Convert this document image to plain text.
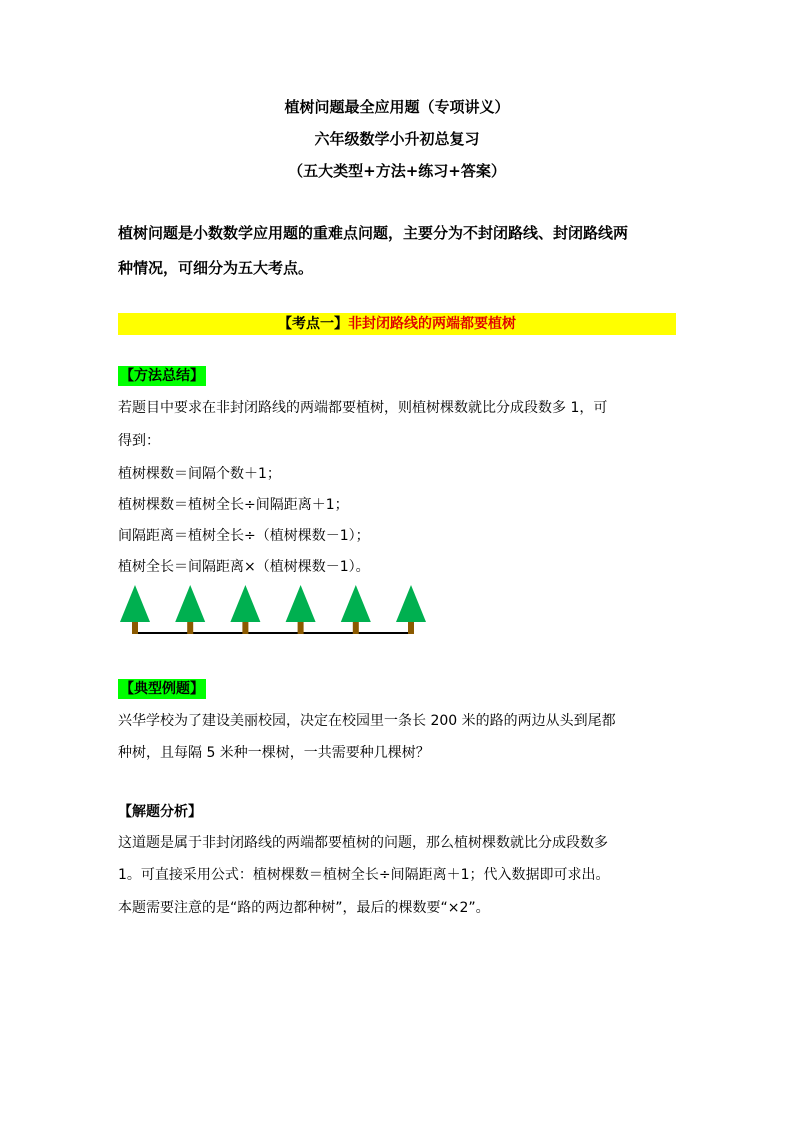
植树问题最全应用题（专项讲义）
六年级数学小升初总复习
（五大类型+方法+练习+答案）
植树问题是小数数学应用题的重难点问题，主要分为不封闭路线、封闭路线两
种情况，可细分为五大考点。
【考点一】非封闭路线的两端都要植树
【方法总结】
若题目中要求在非封闭路线的两端都要植树，则植树棵数就比分成段数多 1，可
得到：
植树棵数＝间隔个数＋1；
植树棵数＝植树全长÷间隔距离＋1；
间隔距离＝植树全长÷（植树棵数－1）；
植树全长＝间隔距离×（植树棵数－1）。
【典型例题】
兴华学校为了建设美丽校园，决定在校园里一条长 200 米的路的两边从头到尾都
种树，且每隔 5 米种一棵树，一共需要种几棵树？
【解题分析】
这道题是属于非封闭路线的两端都要植树的问题，那么植树棵数就比分成段数多
1。可直接采用公式：植树棵数＝植树全长÷间隔距离＋1；代入数据即可求出。
本题需要注意的是“路的两边都种树”，最后的棵数要“×2”。
